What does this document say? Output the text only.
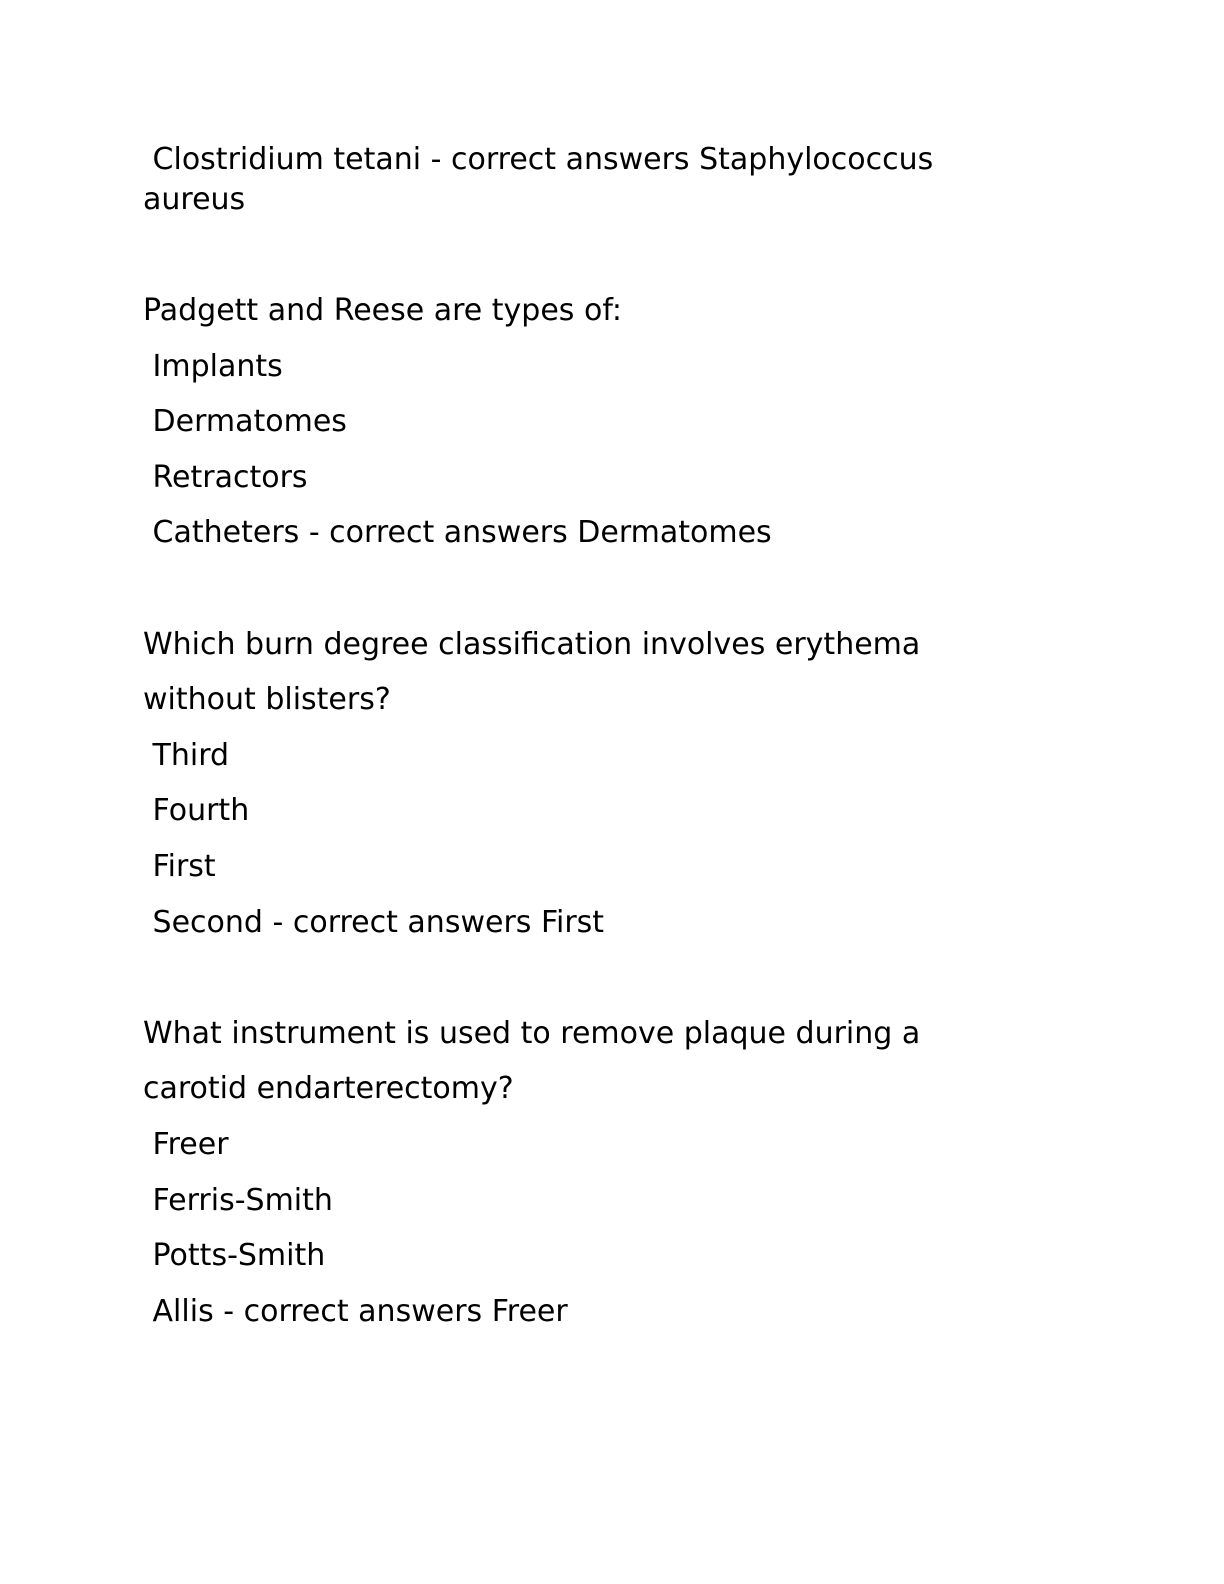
Clostridium tetani - correct answers Staphylococcus

aureus

Padgett and Reese are types of:

Implants

Dermatomes

Retractors

Catheters - correct answers Dermatomes

Which burn degree classification involves erythema

without blisters?

Third

Fourth

First

Second - correct answers First

What instrument is used to remove plaque during a

carotid endarterectomy?

Freer

Ferris-Smith

Potts-Smith

Allis - correct answers Freer
